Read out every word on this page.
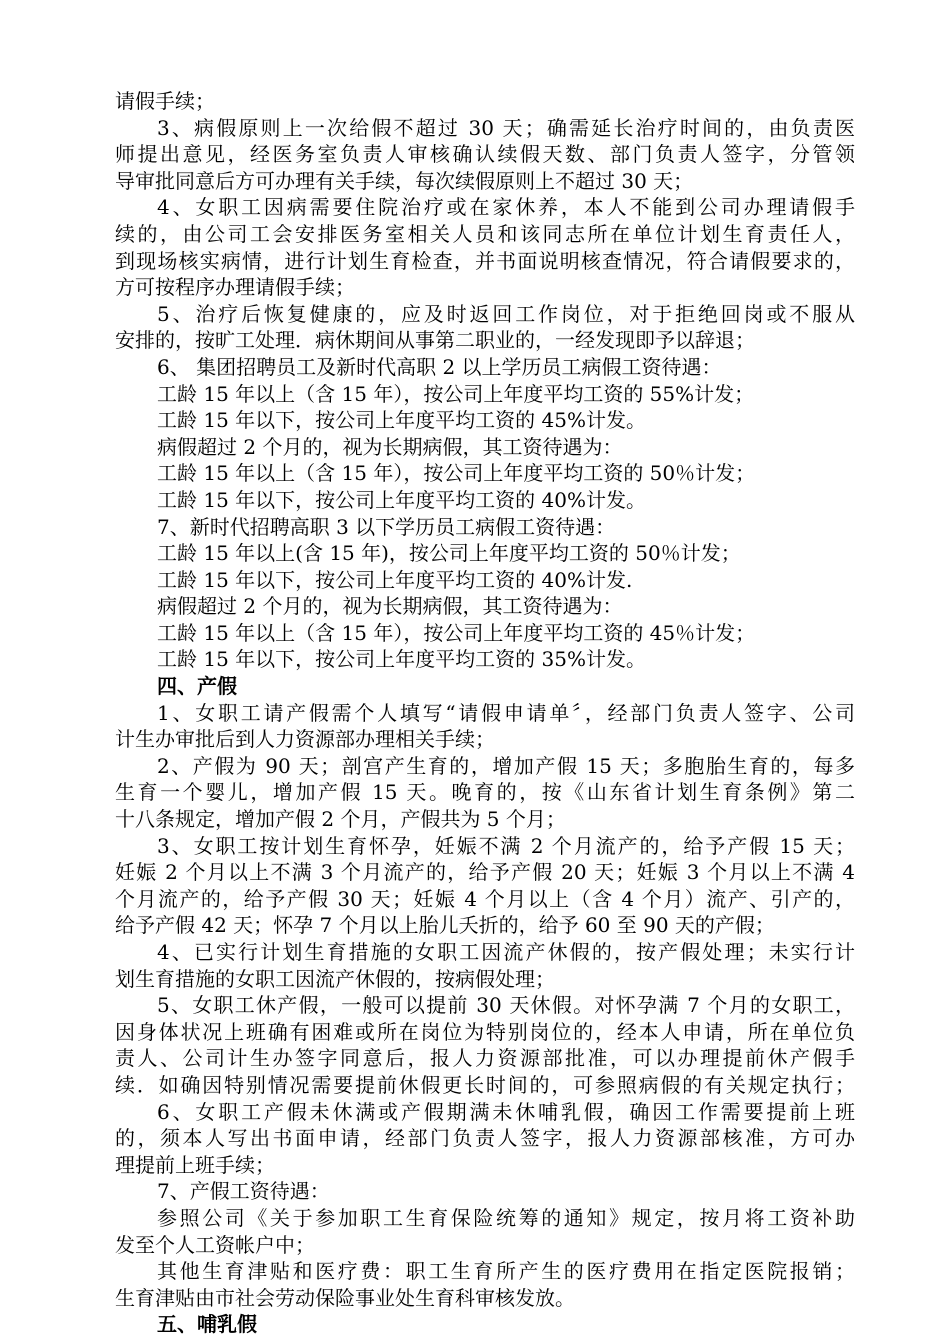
请假手续；
3、病假原则上一次给假不超过 30 天；确需延长治疗时间的，由负责医
师提出意见，经医务室负责人审核确认续假天数、部门负责人签字，分管领
导审批同意后方可办理有关手续，每次续假原则上不超过 30 天；
4、女职工因病需要住院治疗或在家休养，本人不能到公司办理请假手
续的，由公司工会安排医务室相关人员和该同志所在单位计划生育责任人，
到现场核实病情，进行计划生育检查，并书面说明核查情况，符合请假要求的，
方可按程序办理请假手续；
5、治疗后恢复健康的，应及时返回工作岗位，对于拒绝回岗或不服从
安排的，按旷工处理．病休期间从事第二职业的，一经发现即予以辞退；
6、 集团招聘员工及新时代高职 2 以上学历员工病假工资待遇：
工龄 15 年以上（含 15 年），按公司上年度平均工资的 55%计发；
工龄 15 年以下，按公司上年度平均工资的 45%计发。
病假超过 2 个月的，视为长期病假，其工资待遇为：
工龄 15 年以上（含 15 年），按公司上年度平均工资的 50％计发；
工龄 15 年以下，按公司上年度平均工资的 40%计发。
7、新时代招聘高职 3 以下学历员工病假工资待遇：
工龄 15 年以上(含 15 年)，按公司上年度平均工资的 50％计发；
工龄 15 年以下，按公司上年度平均工资的 40%计发.
病假超过 2 个月的，视为长期病假，其工资待遇为：
工龄 15 年以上（含 15 年），按公司上年度平均工资的 45％计发；
工龄 15 年以下，按公司上年度平均工资的 35%计发。
四、产假
1、女职工请产假需个人填写“请假申请单〞，经部门负责人签字、公司
计生办审批后到人力资源部办理相关手续；
2、产假为 90 天；剖宫产生育的，增加产假 15 天；多胞胎生育的，每多
生育一个婴儿，增加产假 15 天。晚育的，按《山东省计划生育条例》第二
十八条规定，增加产假 2 个月，产假共为 5 个月；
3、女职工按计划生育怀孕，妊娠不满 2 个月流产的，给予产假 15 天；
妊娠 2 个月以上不满 3 个月流产的，给予产假 20 天；妊娠 3 个月以上不满 4
个月流产的，给予产假 30 天；妊娠 4 个月以上（含 4 个月）流产、引产的，
给予产假 42 天；怀孕 7 个月以上胎儿夭折的，给予 60 至 90 天的产假；
4、已实行计划生育措施的女职工因流产休假的，按产假处理；未实行计
划生育措施的女职工因流产休假的，按病假处理；
5、女职工休产假，一般可以提前 30 天休假。对怀孕满 7 个月的女职工，
因身体状况上班确有困难或所在岗位为特别岗位的，经本人申请，所在单位负
责人、公司计生办签字同意后，报人力资源部批准，可以办理提前休产假手
续．如确因特别情况需要提前休假更长时间的，可参照病假的有关规定执行；
6、女职工产假未休满或产假期满未休哺乳假，确因工作需要提前上班
的，须本人写出书面申请，经部门负责人签字，报人力资源部核准，方可办
理提前上班手续；
7、产假工资待遇：
参照公司《关于参加职工生育保险统筹的通知》规定，按月将工资补助
发至个人工资帐户中；
其他生育津贴和医疗费：职工生育所产生的医疗费用在指定医院报销；
生育津贴由市社会劳动保险事业处生育科审核发放。
五、哺乳假
